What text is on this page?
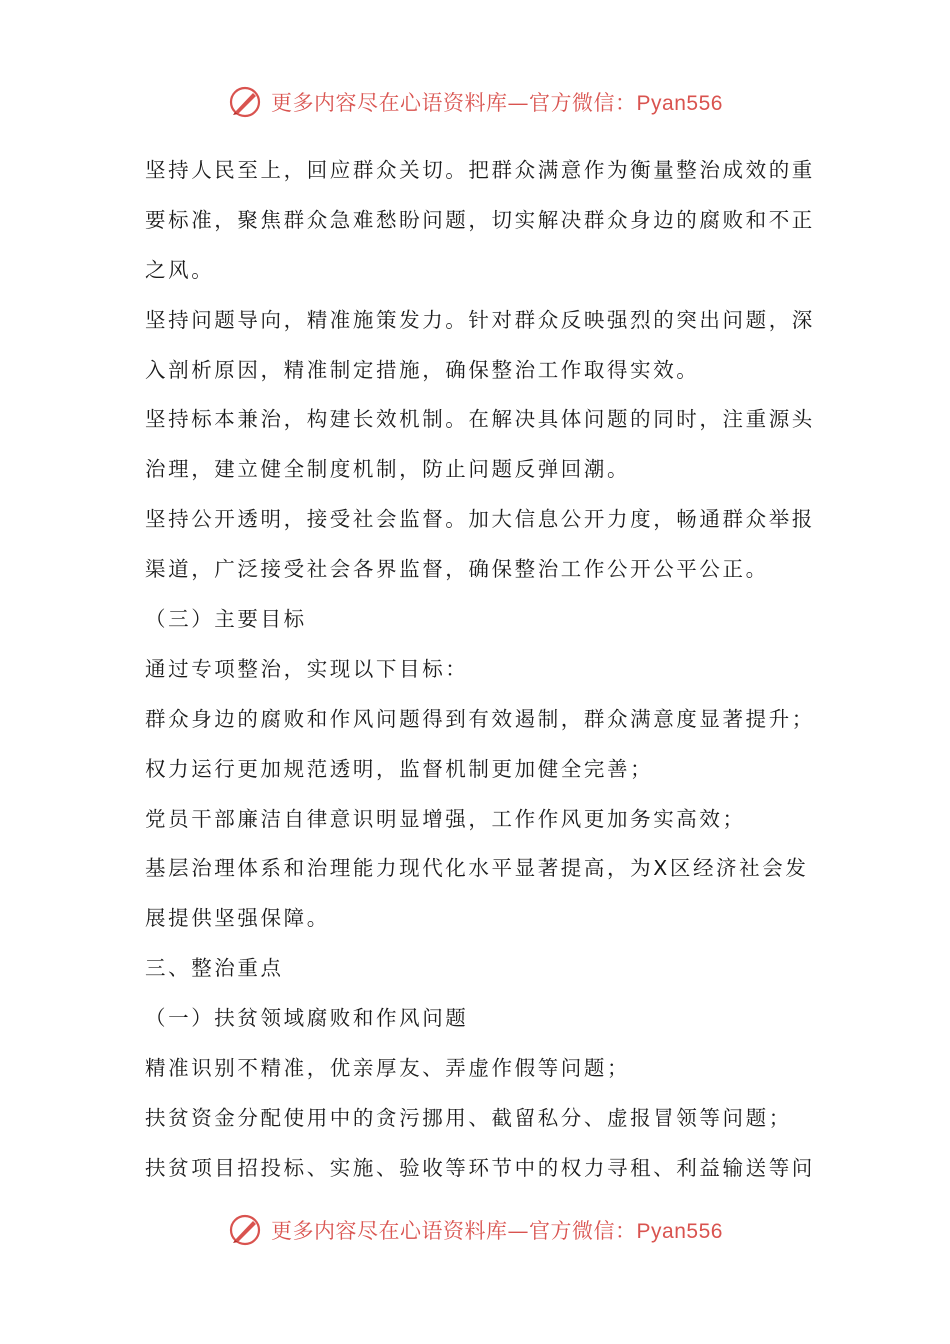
更多内容尽在心语资料库—官方微信：Pyan556
坚持人民至上，回应群众关切。把群众满意作为衡量整治成效的重
要标准，聚焦群众急难愁盼问题，切实解决群众身边的腐败和不正
之风。
坚持问题导向，精准施策发力。针对群众反映强烈的突出问题，深
入剖析原因，精准制定措施，确保整治工作取得实效。
坚持标本兼治，构建长效机制。在解决具体问题的同时，注重源头
治理，建立健全制度机制，防止问题反弹回潮。
坚持公开透明，接受社会监督。加大信息公开力度，畅通群众举报
渠道，广泛接受社会各界监督，确保整治工作公开公平公正。
（三）主要目标
通过专项整治，实现以下目标：
群众身边的腐败和作风问题得到有效遏制，群众满意度显著提升；
权力运行更加规范透明，监督机制更加健全完善；
党员干部廉洁自律意识明显增强，工作作风更加务实高效；
基层治理体系和治理能力现代化水平显著提高，为X区经济社会发
展提供坚强保障。
三、整治重点
（一）扶贫领域腐败和作风问题
精准识别不精准，优亲厚友、弄虚作假等问题；
扶贫资金分配使用中的贪污挪用、截留私分、虚报冒领等问题；
扶贫项目招投标、实施、验收等环节中的权力寻租、利益输送等问
更多内容尽在心语资料库—官方微信：Pyan556
